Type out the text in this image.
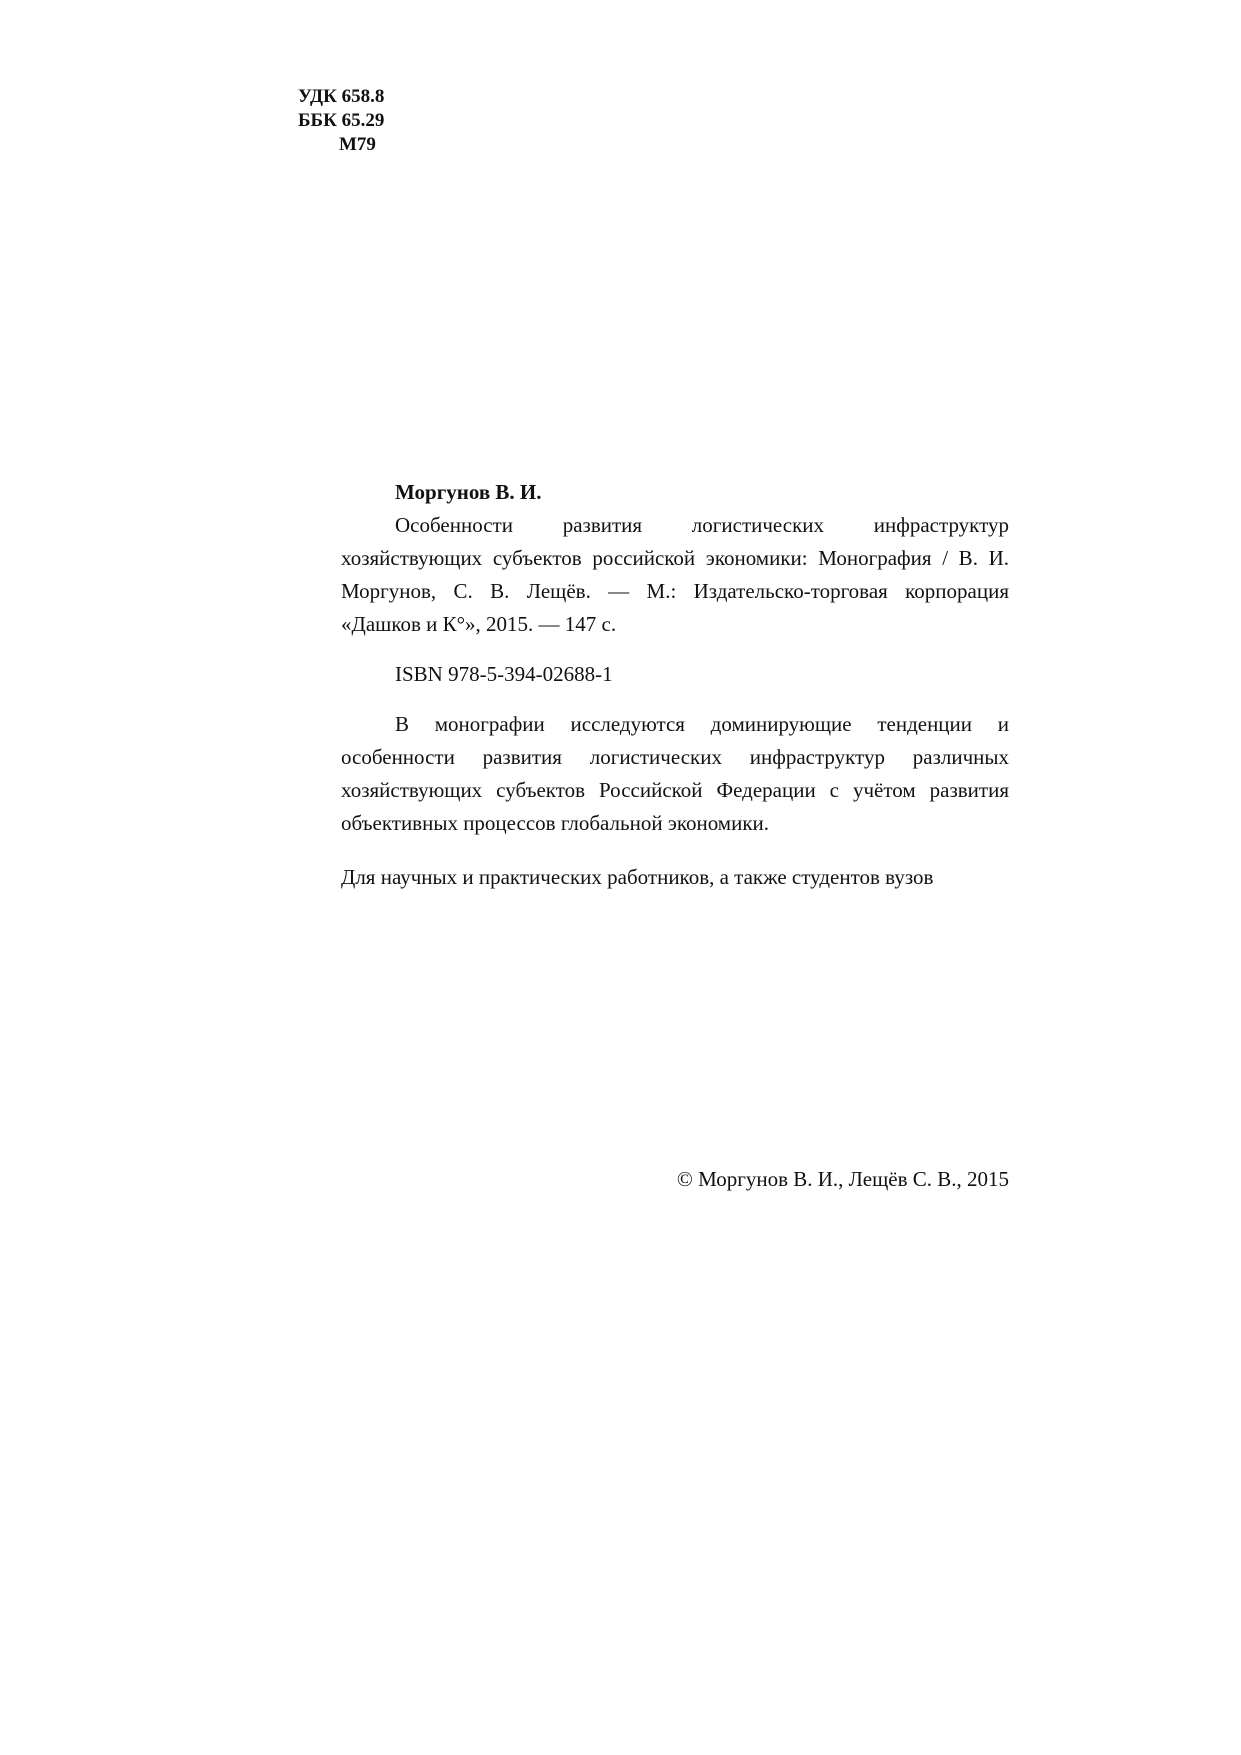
УДК 658.8
ББК 65.29
М79
Моргунов В. И.

Особенности развития логистических инфраструктур хозяйствующих субъектов российской экономики: Монография / В. И. Моргунов, С. В. Лещёв. — М.: Издательско-торговая корпорация «Дашков и К°», 2015. — 147 с.

ISBN 978-5-394-02688-1

В монографии исследуются доминирующие тенденции и особенности развития логистических инфраструктур различных хозяйствующих субъектов Российской Федерации с учётом развития объективных процессов глобальной экономики.

Для научных и практических работников, а также студентов вузов
© Моргунов В. И., Лещёв С. В., 2015
